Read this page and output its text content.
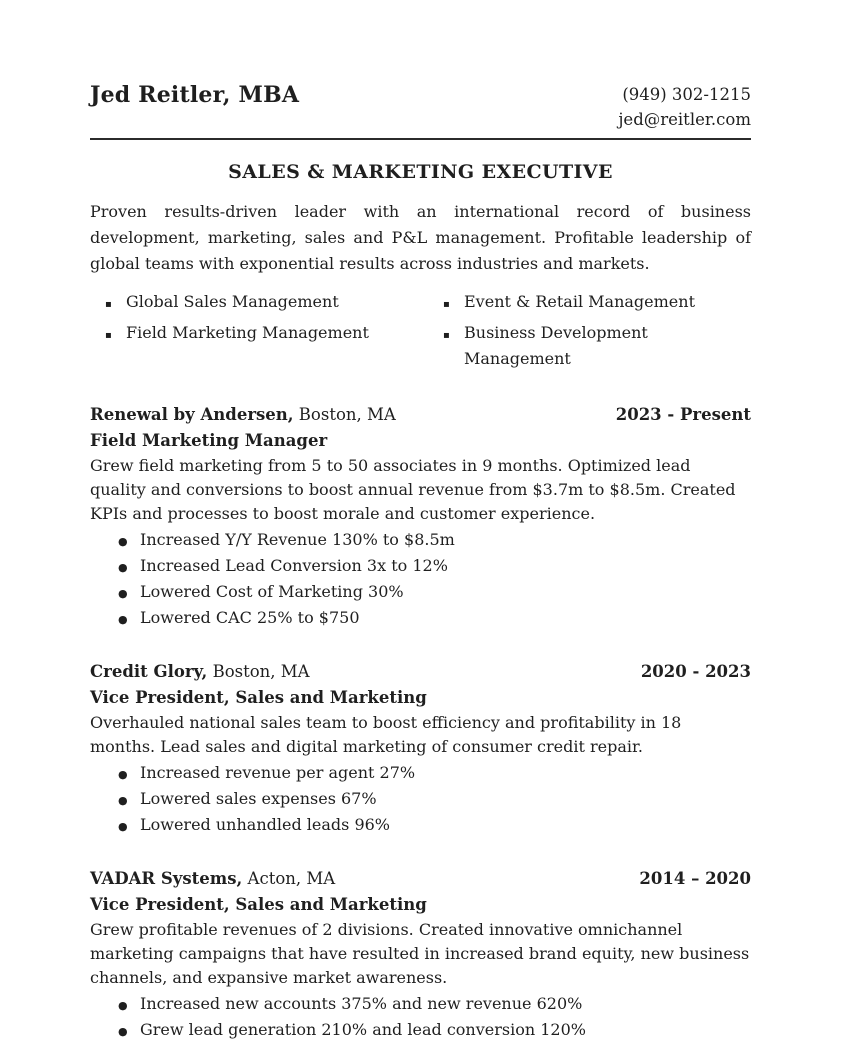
Jed Reitler, MBA	(949) 302-1215
jed@reitler.com
SALES & MARKETING EXECUTIVE

Proven results-driven leader with an international record of business development, marketing, sales and P&L management. Profitable leadership of global teams with exponential results across industries and markets.

▪ Global Sales Management	▪ Event & Retail Management
▪ Field Marketing Management	▪ Business Development Management
Renewal by Andersen, Boston, MA	2023 - Present
Field Marketing Manager

Grew field marketing from 5 to 50 associates in 9 months. Optimized lead quality and conversions to boost annual revenue from $3.7m to $8.5m. Created KPIs and processes to boost morale and customer experience.

● Increased Y/Y Revenue 130% to $8.5m
● Increased Lead Conversion 3x to 12%
● Lowered Cost of Marketing 30%
● Lowered CAC 25% to $750
Credit Glory, Boston, MA	2020 - 2023
Vice President, Sales and Marketing

Overhauled national sales team to boost efficiency and profitability in 18 months. Lead sales and digital marketing of consumer credit repair.

● Increased revenue per agent 27%
● Lowered sales expenses 67%
● Lowered unhandled leads 96%
VADAR Systems, Acton, MA	2014 – 2020
Vice President, Sales and Marketing

Grew profitable revenues of 2 divisions. Created innovative omnichannel marketing campaigns that have resulted in increased brand equity, new business channels, and expansive market awareness.

● Increased new accounts 375% and new revenue 620%
● Grew lead generation 210% and lead conversion 120%
